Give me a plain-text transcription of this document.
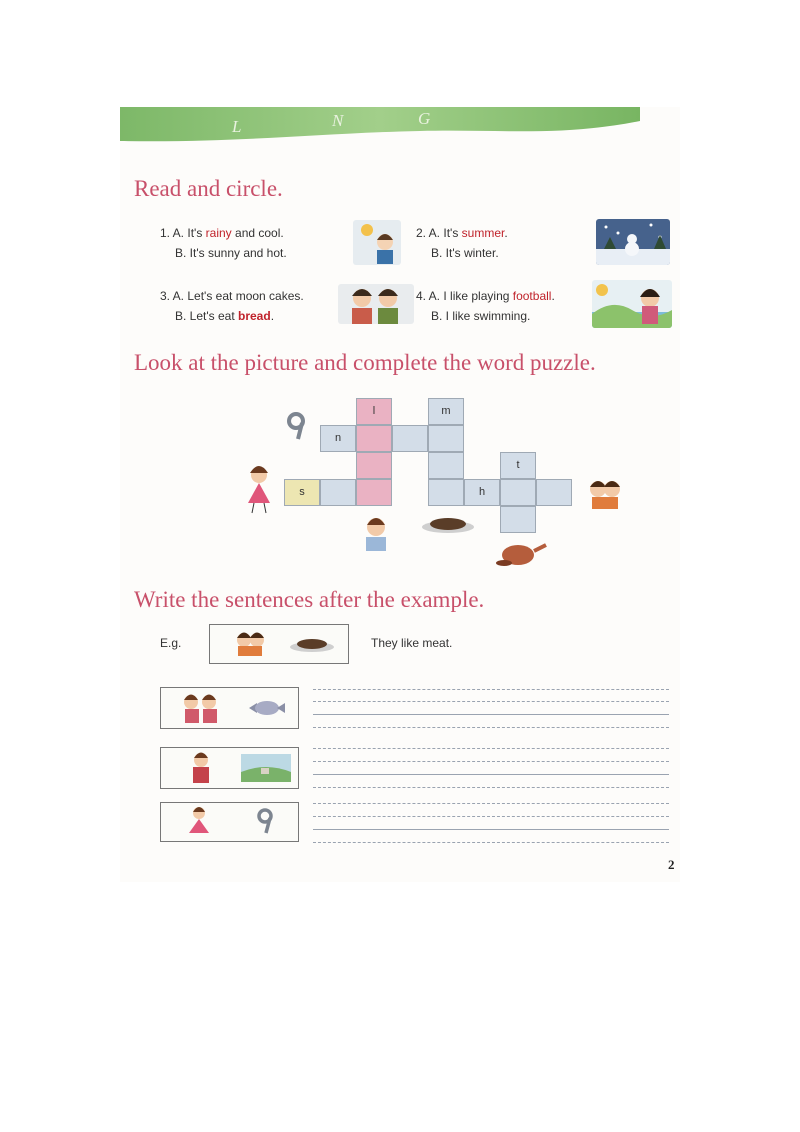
L	N	G
Read and circle.
1. A. It's rainy and cool.
B. It's sunny and hot.
2. A. It's summer.
B. It's winter.
3. A. Let's eat moon cakes.
B. Let's eat bread.
4. A. I like playing football.
B. I like swimming.
Look at the picture and complete the word puzzle.
l	m
n
t
s	h
Write the sentences after the example.
E.g.	They like meat.
2
